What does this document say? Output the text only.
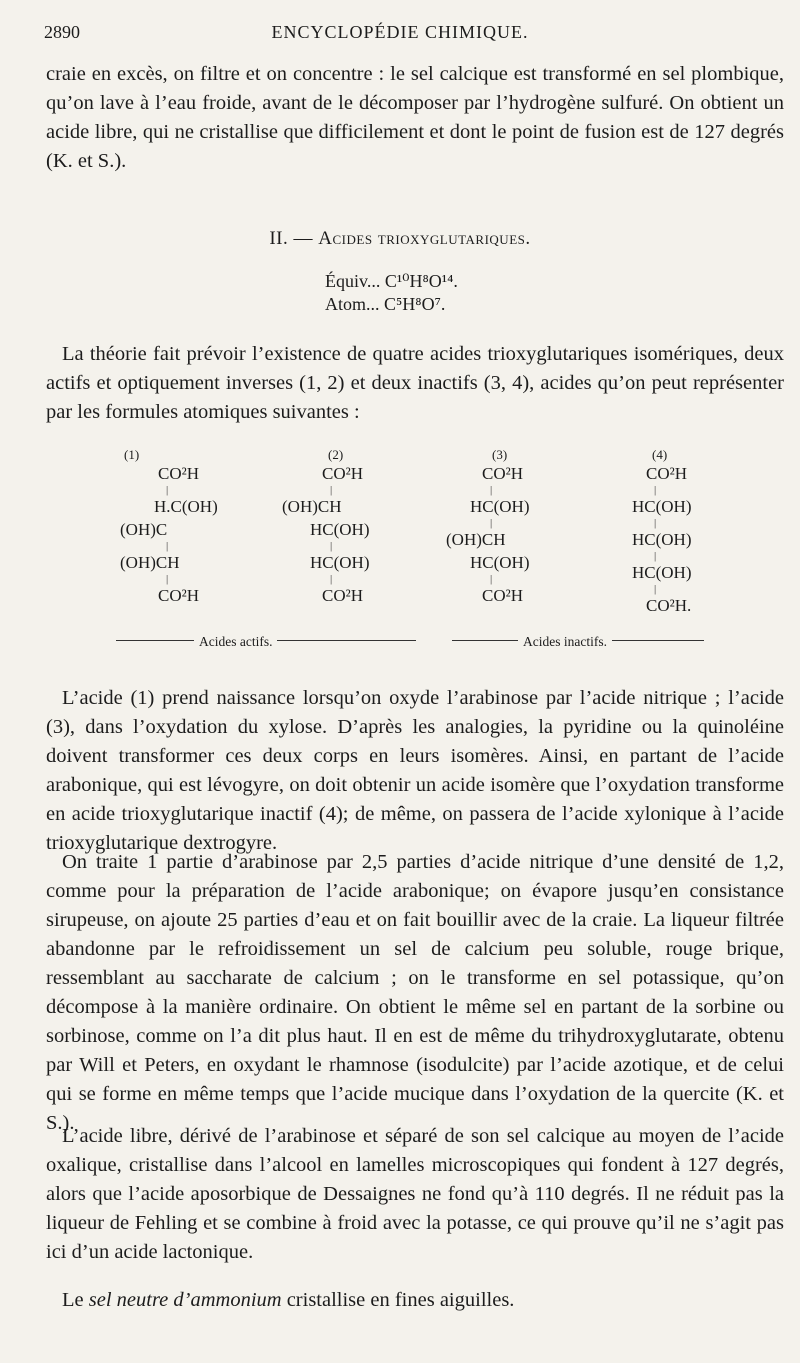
2890	ENCYCLOPÉDIE CHIMIQUE.

craie en excès, on filtre et on concentre : le sel calcique est transformé en sel plombique, qu’on lave à l’eau froide, avant de le décomposer par l’hydrogène sulfuré. On obtient un acide libre, qui ne cristallise que difficilement et dont le point de fusion est de 127 degrés (K. et S.).

II. — Acides trioxyglutariques.
Équiv... C¹⁰H⁸O¹⁴.
Atom... C⁵H⁸O⁷.

La théorie fait prévoir l’existence de quatre acides trioxyglutariques isomériques, deux actifs et optiquement inverses (1, 2) et deux inactifs (3, 4), acides qu’on peut représenter par les formules atomiques suivantes :

(1)
CO²H
|
H.C(OH)
(OH)C
|
(OH)CH
|
CO²H
(2)
CO²H
|
(OH)CH
HC(OH)
|
HC(OH)
|
CO²H
(3)
CO²H
|
HC(OH)
|
(OH)CH
HC(OH)
|
CO²H
(4)
CO²H
|
HC(OH)
|
HC(OH)
|
HC(OH)
|
CO²H.
Acides actifs.	Acides inactifs.

L’acide (1) prend naissance lorsqu’on oxyde l’arabinose par l’acide nitrique ; l’acide (3), dans l’oxydation du xylose. D’après les analogies, la pyridine ou la quinoléine doivent transformer ces deux corps en leurs isomères. Ainsi, en partant de l’acide arabonique, qui est lévogyre, on doit obtenir un acide isomère que l’oxydation transforme en acide trioxyglutarique inactif (4); de même, on passera de l’acide xylonique à l’acide trioxyglutarique dextrogyre.

On traite 1 partie d’arabinose par 2,5 parties d’acide nitrique d’une densité de 1,2, comme pour la préparation de l’acide arabonique; on évapore jusqu’en consistance sirupeuse, on ajoute 25 parties d’eau et on fait bouillir avec de la craie. La liqueur filtrée abandonne par le refroidissement un sel de calcium peu soluble, rouge brique, ressemblant au saccharate de calcium ; on le transforme en sel potassique, qu’on décompose à la manière ordinaire. On obtient le même sel en partant de la sorbine ou sorbinose, comme on l’a dit plus haut. Il en est de même du trihydroxyglutarate, obtenu par Will et Peters, en oxydant le rhamnose (isodulcite) par l’acide azotique, et de celui qui se forme en même temps que l’acide mucique dans l’oxydation de la quercite (K. et S.).

L’acide libre, dérivé de l’arabinose et séparé de son sel calcique au moyen de l’acide oxalique, cristallise dans l’alcool en lamelles microscopiques qui fondent à 127 degrés, alors que l’acide aposorbique de Dessaignes ne fond qu’à 110 degrés. Il ne réduit pas la liqueur de Fehling et se combine à froid avec la potasse, ce qui prouve qu’il ne s’agit pas ici d’un acide lactonique.

Le sel neutre d’ammonium cristallise en fines aiguilles.
